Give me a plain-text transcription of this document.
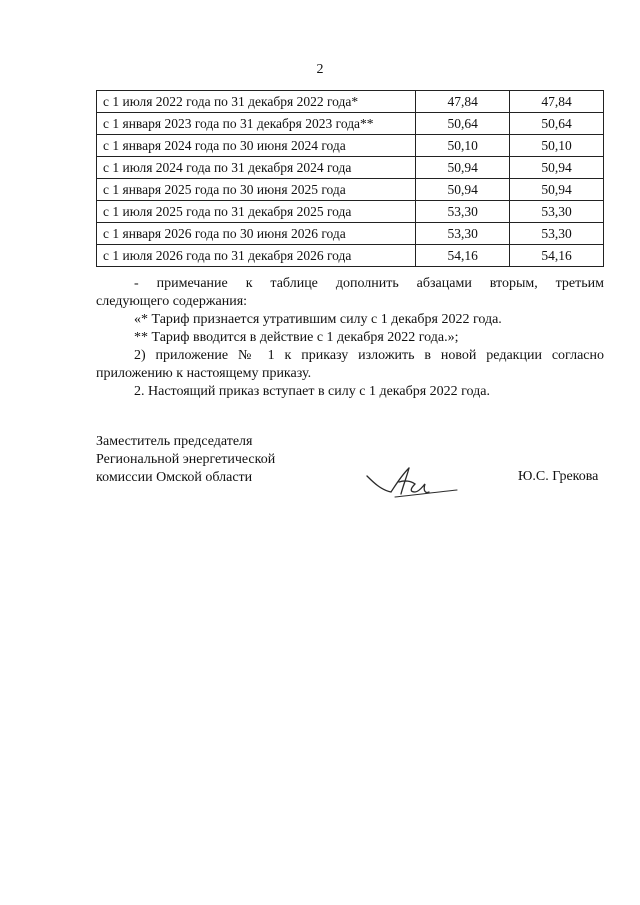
2
с 1 июля 2022 года по 31 декабря 2022 года*	47,84	47,84
с 1 января 2023 года по 31 декабря 2023 года**	50,64	50,64
с 1 января 2024 года по 30 июня 2024 года	50,10	50,10
с 1 июля 2024 года по 31 декабря 2024 года	50,94	50,94
с 1 января 2025 года по 30 июня 2025 года	50,94	50,94
с 1 июля 2025 года по 31 декабря 2025 года	53,30	53,30
с 1 января 2026 года по 30 июня 2026 года	53,30	53,30
с 1 июля 2026 года по 31 декабря 2026 года	54,16	54,16

- примечание к таблице дополнить абзацами вторым, третьим

следующего содержания:

«* Тариф признается утратившим силу с 1 декабря 2022 года.

** Тариф вводится в действие с 1 декабря 2022 года.»;

2) приложение № 1 к приказу изложить в новой редакции согласно

приложению к настоящему приказу.

2. Настоящий приказ вступает в силу с 1 декабря 2022 года.

Заместитель председателя
Региональной энергетической
комиссии Омской области	Ю.С. Грекова
